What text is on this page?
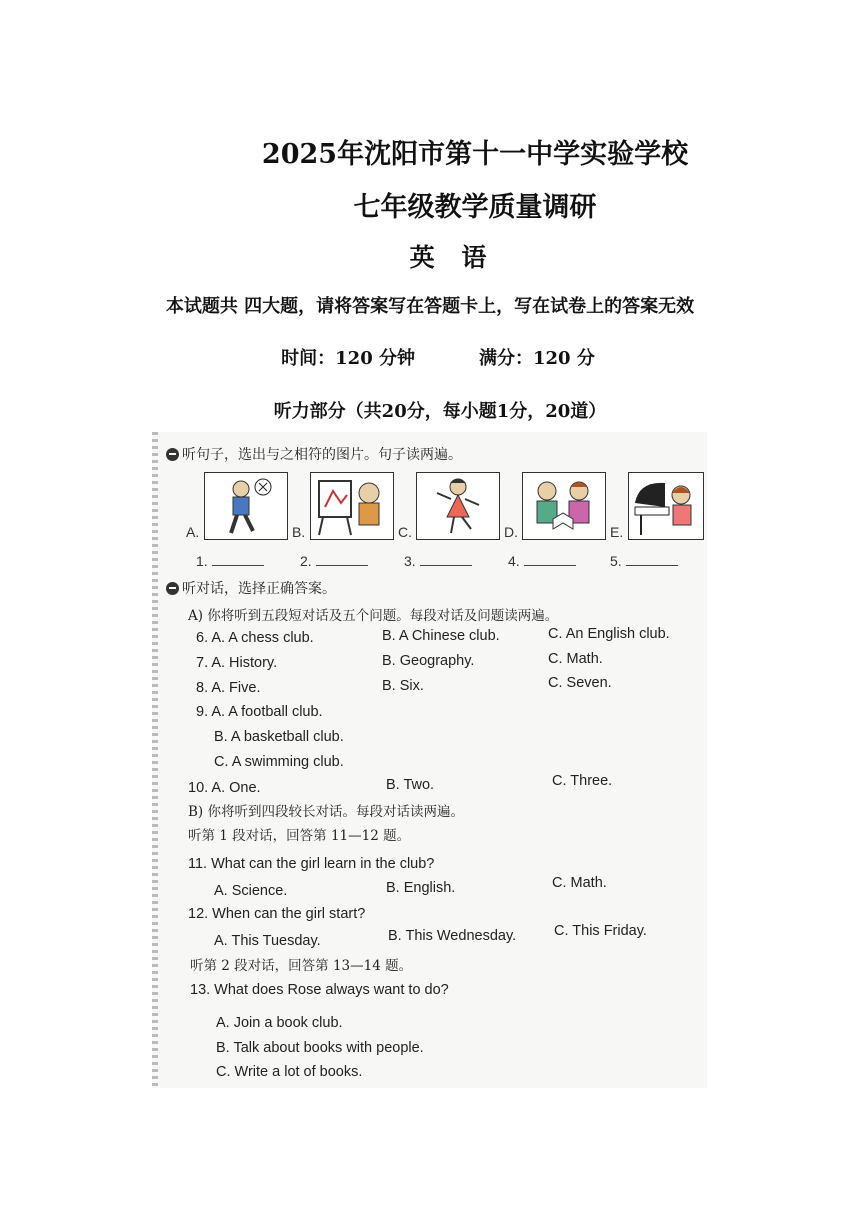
2025年沈阳市第十一中学实验学校
七年级教学质量调研
英 语
本试题共 四大题，请将答案写在答题卡上，写在试卷上的答案无效
时间：120 分钟	满分：120 分
听力部分（共20分，每小题1分，20道）
听句子，选出与之相符的图片。句子读两遍。
A.	B.	C.	D.	E.
1.	2.	3.	4.	5.
听对话，选择正确答案。
A) 你将听到五段短对话及五个问题。每段对话及问题读两遍。
6. A. A chess club.	B. A Chinese club.	C. An English club.
7. A. History.	B. Geography.	C. Math.
8. A. Five.	B. Six.	C. Seven.
9. A. A football club.
B. A basketball club.
C. A swimming club.
10. A. One.	B. Two.	C. Three.
B) 你将听到四段较长对话。每段对话读两遍。
听第 1 段对话，回答第 11—12 题。
11. What can the girl learn in the club?
A. Science.	B. English.	C. Math.
12. When can the girl start?
A. This Tuesday.	B. This Wednesday.	C. This Friday.
听第 2 段对话，回答第 13—14 题。
13. What does Rose always want to do?
A. Join a book club.
B. Talk about books with people.
C. Write a lot of books.
